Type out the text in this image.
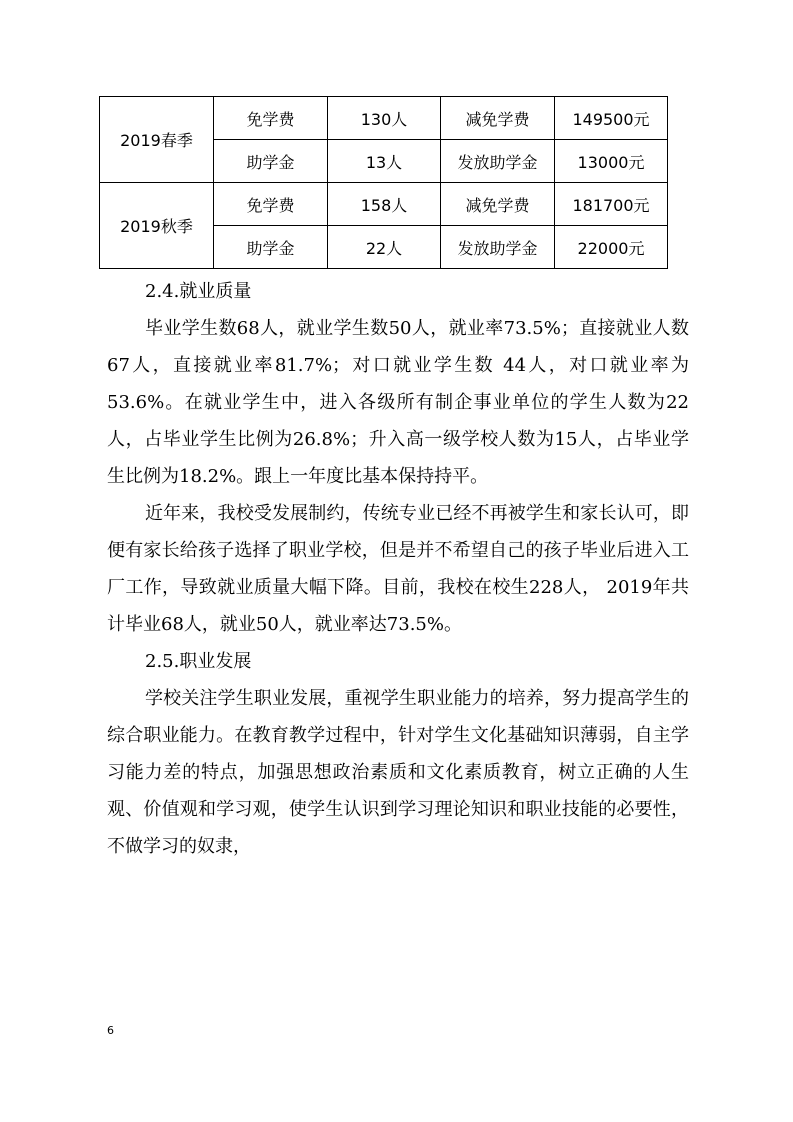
2019春季	免学费	130人	减免学费	149500元
	助学金	13人	发放助学金	13000元
2019秋季	免学费	158人	减免学费	181700元
	助学金	22人	发放助学金	22000元

2.4.就业质量

毕业学生数68人，就业学生数50人，就业率73.5%；直接就业人数67人，直接就业率81.7%；对口就业学生数 44人，对口就业率为53.6%。在就业学生中，进入各级所有制企事业单位的学生人数为22人，占毕业学生比例为26.8%；升入高一级学校人数为15人，占毕业学生比例为18.2%。跟上一年度比基本保持持平。

近年来，我校受发展制约，传统专业已经不再被学生和家长认可，即便有家长给孩子选择了职业学校，但是并不希望自己的孩子毕业后进入工厂工作，导致就业质量大幅下降。目前，我校在校生228人， 2019年共计毕业68人，就业50人，就业率达73.5%。

2.5.职业发展

学校关注学生职业发展，重视学生职业能力的培养，努力提高学生的综合职业能力。在教育教学过程中，针对学生文化基础知识薄弱，自主学习能力差的特点，加强思想政治素质和文化素质教育，树立正确的人生观、价值观和学习观，使学生认识到学习理论知识和职业技能的必要性，不做学习的奴隶，

6
